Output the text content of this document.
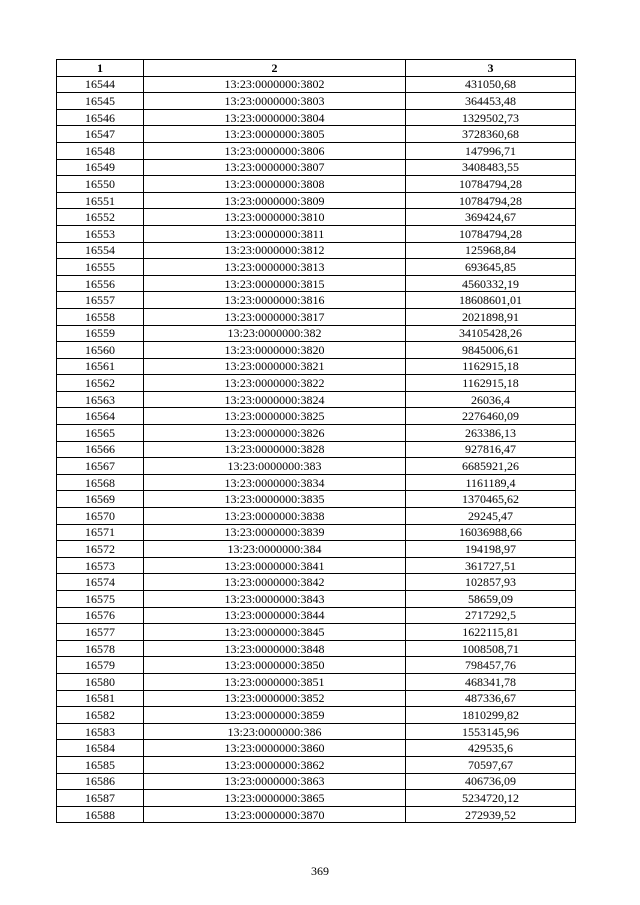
1	2	3
16544	13:23:0000000:3802	431050,68
16545	13:23:0000000:3803	364453,48
16546	13:23:0000000:3804	1329502,73
16547	13:23:0000000:3805	3728360,68
16548	13:23:0000000:3806	147996,71
16549	13:23:0000000:3807	3408483,55
16550	13:23:0000000:3808	10784794,28
16551	13:23:0000000:3809	10784794,28
16552	13:23:0000000:3810	369424,67
16553	13:23:0000000:3811	10784794,28
16554	13:23:0000000:3812	125968,84
16555	13:23:0000000:3813	693645,85
16556	13:23:0000000:3815	4560332,19
16557	13:23:0000000:3816	18608601,01
16558	13:23:0000000:3817	2021898,91
16559	13:23:0000000:382	34105428,26
16560	13:23:0000000:3820	9845006,61
16561	13:23:0000000:3821	1162915,18
16562	13:23:0000000:3822	1162915,18
16563	13:23:0000000:3824	26036,4
16564	13:23:0000000:3825	2276460,09
16565	13:23:0000000:3826	263386,13
16566	13:23:0000000:3828	927816,47
16567	13:23:0000000:383	6685921,26
16568	13:23:0000000:3834	1161189,4
16569	13:23:0000000:3835	1370465,62
16570	13:23:0000000:3838	29245,47
16571	13:23:0000000:3839	16036988,66
16572	13:23:0000000:384	194198,97
16573	13:23:0000000:3841	361727,51
16574	13:23:0000000:3842	102857,93
16575	13:23:0000000:3843	58659,09
16576	13:23:0000000:3844	2717292,5
16577	13:23:0000000:3845	1622115,81
16578	13:23:0000000:3848	1008508,71
16579	13:23:0000000:3850	798457,76
16580	13:23:0000000:3851	468341,78
16581	13:23:0000000:3852	487336,67
16582	13:23:0000000:3859	1810299,82
16583	13:23:0000000:386	1553145,96
16584	13:23:0000000:3860	429535,6
16585	13:23:0000000:3862	70597,67
16586	13:23:0000000:3863	406736,09
16587	13:23:0000000:3865	5234720,12
16588	13:23:0000000:3870	272939,52
369
